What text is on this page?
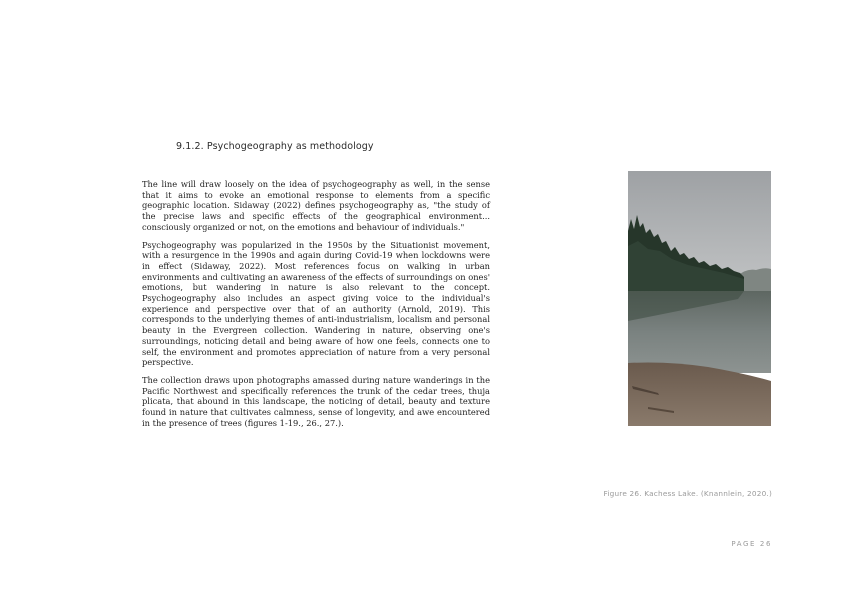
9.1.2. Psychogeography as methodology

The line will draw loosely on the idea of psychogeography as well, in the sense that it aims to evoke an emotional response to elements from a specific geographic location. Sidaway (2022) defines psychogeography as, "the study of the precise laws and specific effects of the geographical environment... consciously organized or not, on the emotions and behaviour of individuals."

Psychogeography was popularized in the 1950s by the Situationist movement, with a resurgence in the 1990s and again during Covid-19 when lockdowns were in effect (Sidaway, 2022). Most references focus on walking in urban environments and cultivating an awareness of the effects of surroundings on ones' emotions, but wandering in nature is also relevant to the concept. Psychogeography also includes an aspect giving voice to the individual's experience and perspective over that of an authority (Arnold, 2019). This corresponds to the underlying themes of anti-industrialism, localism and personal beauty in the Evergreen collection. Wandering in nature, observing one's surroundings, noticing detail and being aware of how one feels, connects one to self, the environment and promotes appreciation of nature from a very personal perspective.

The collection draws upon photographs amassed during nature wanderings in the Pacific Northwest and specifically references the trunk of the cedar trees, thuja plicata, that abound in this landscape, the noticing of detail, beauty and texture found in nature that cultivates calmness, sense of longevity, and awe encountered in the presence of trees (figures 1-19., 26., 27.).

Figure 26. Kachess Lake. (Knannlein, 2020.)
PAGE 26
